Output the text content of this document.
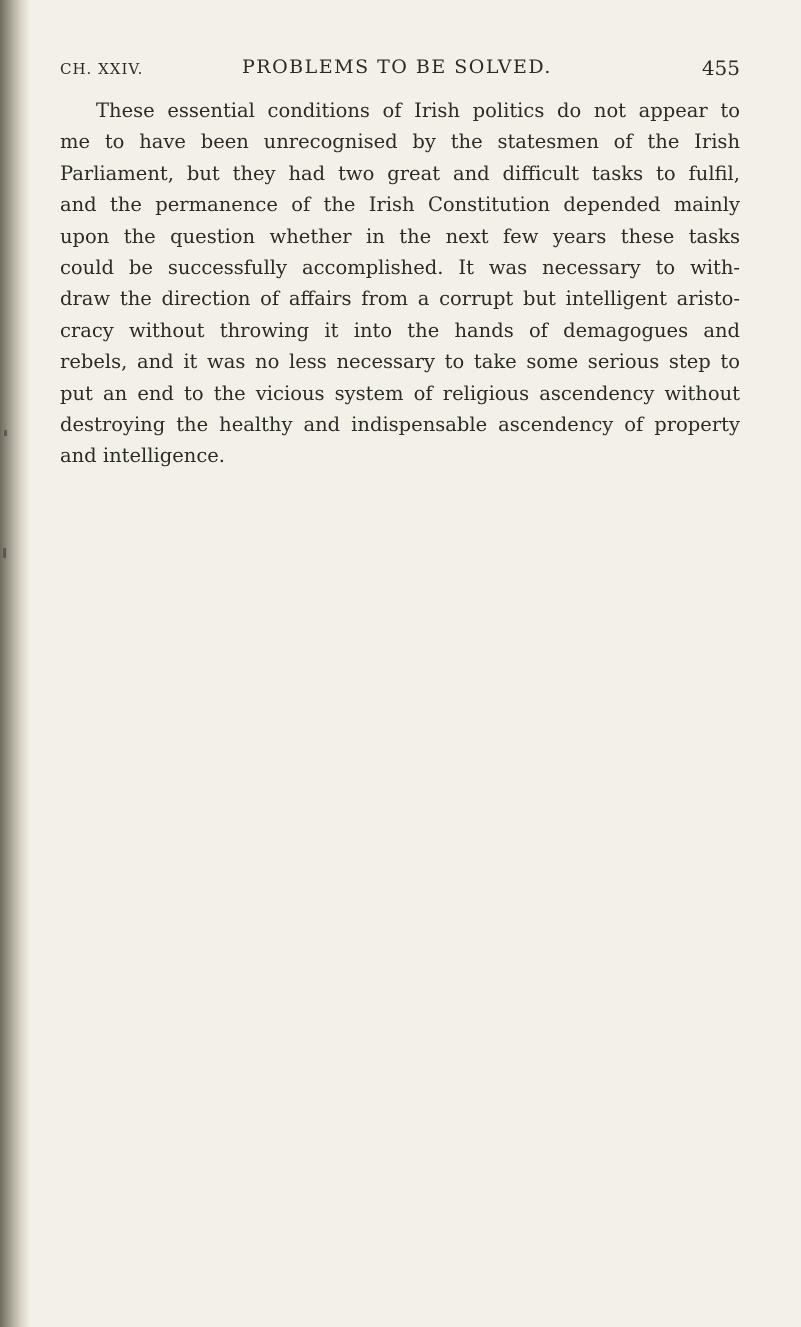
CH. XXIV.	PROBLEMS TO BE SOLVED.	455

These essential conditions of Irish politics do not appear to
me to have been unrecognised by the statesmen of the Irish
Parliament, but they had two great and difficult tasks to fulfil,
and the permanence of the Irish Constitution depended mainly
upon the question whether in the next few years these tasks
could be successfully accomplished. It was necessary to with-
draw the direction of affairs from a corrupt but intelligent aristo-
cracy without throwing it into the hands of demagogues and
rebels, and it was no less necessary to take some serious step to
put an end to the vicious system of religious ascendency without
destroying the healthy and indispensable ascendency of property
and intelligence.
